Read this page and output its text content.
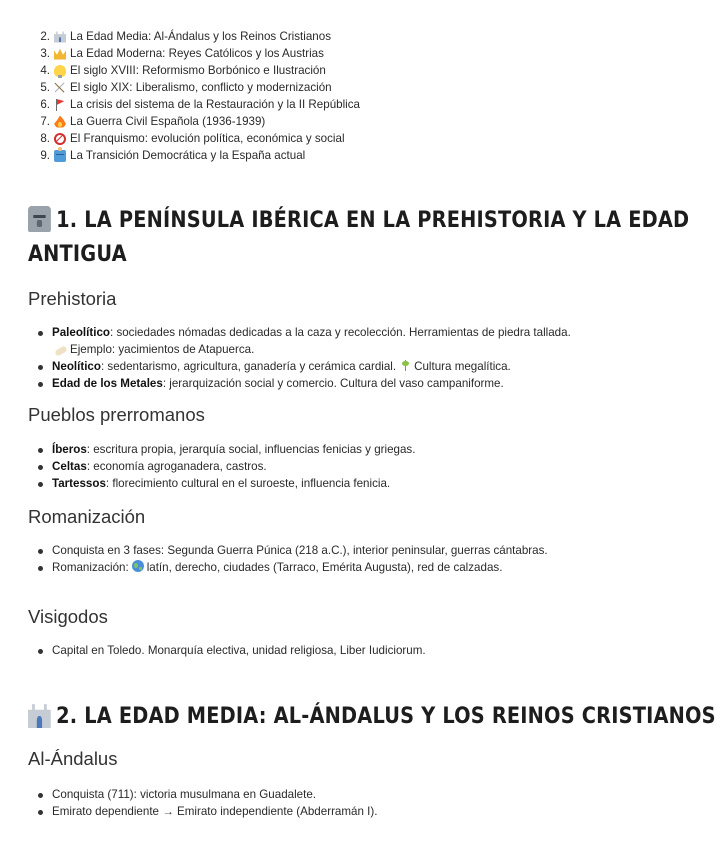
2.	La Edad Media: Al-Ándalus y los Reinos Cristianos
3.	La Edad Moderna: Reyes Católicos y los Austrias
4.	El siglo XVIII: Reformismo Borbónico e Ilustración
5.	El siglo XIX: Liberalismo, conflicto y modernización
6.	La crisis del sistema de la Restauración y la II República
7.	La Guerra Civil Española (1936-1939)
8.	El Franquismo: evolución política, económica y social
9.	La Transición Democrática y la España actual
1. LA PENÍNSULA IBÉRICA EN LA PREHISTORIA Y LA EDAD
ANTIGUA
Prehistoria
Paleolítico: sociedades nómadas dedicadas a la caza y recolección. Herramientas de piedra tallada.Ejemplo: yacimientos de Atapuerca.
Neolítico: sedentarismo, agricultura, ganadería y cerámica cardial. Cultura megalítica.
Edad de los Metales: jerarquización social y comercio. Cultura del vaso campaniforme.
Pueblos prerromanos
Íberos: escritura propia, jerarquía social, influencias fenicias y griegas.
Celtas: economía agroganadera, castros.
Tartessos: florecimiento cultural en el suroeste, influencia fenicia.
Romanización
Conquista en 3 fases: Segunda Guerra Púnica (218 a.C.), interior peninsular, guerras cántabras.
Romanización: latín, derecho, ciudades (Tarraco, Emérita Augusta), red de calzadas.
Visigodos
Capital en Toledo. Monarquía electiva, unidad religiosa, Liber Iudiciorum.
2. LA EDAD MEDIA: AL-ÁNDALUS Y LOS REINOS CRISTIANOS
Al-Ándalus
Conquista (711): victoria musulmana en Guadalete.
Emirato dependiente → Emirato independiente (Abderramán I).
